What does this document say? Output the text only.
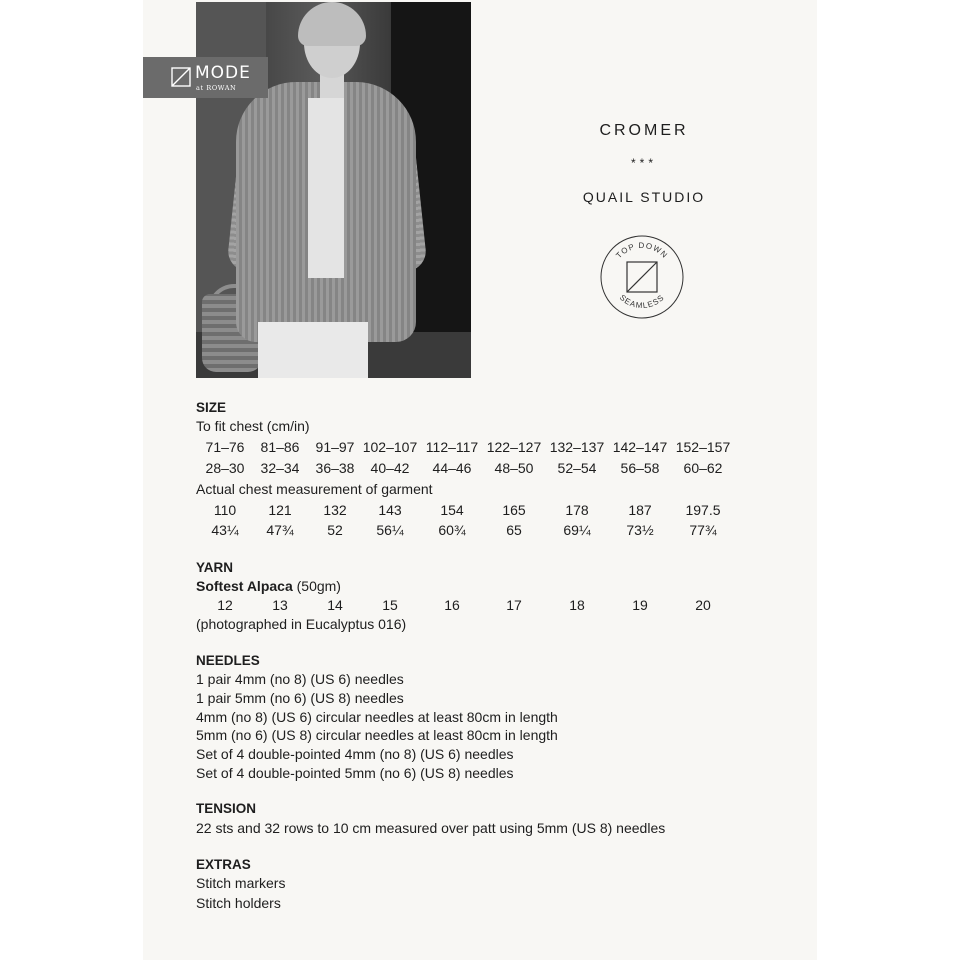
MODE
at ROWAN
CROMER
***
QUAIL STUDIO
TOP DOWN
SEAMLESS
SIZE
To fit chest (cm/in)
71–76	81–86	91–97 102–107 112–117 122–127 132–137 142–147 152–157
28–30	32–34	36–38	40–42	44–46	48–50	52–54	56–58	60–62
Actual chest measurement of garment
110	121	132	143	154	165	178	187	197.5
43¼	47¾	52	56¼	60¾	65	69¼	73½	77¾
YARN
Softest Alpaca (50gm)
12	13	14	15	16	17	18	19	20
(photographed in Eucalyptus 016)
NEEDLES
1 pair 4mm (no 8) (US 6) needles
1 pair 5mm (no 6) (US 8) needles
4mm (no 8) (US 6) circular needles at least 80cm in length
5mm (no 6) (US 8) circular needles at least 80cm in length
Set of 4 double-pointed 4mm (no 8) (US 6) needles
Set of 4 double-pointed 5mm (no 6) (US 8) needles
TENSION
22 sts and 32 rows to 10 cm measured over patt using 5mm (US 8) needles
EXTRAS
Stitch markers
Stitch holders
